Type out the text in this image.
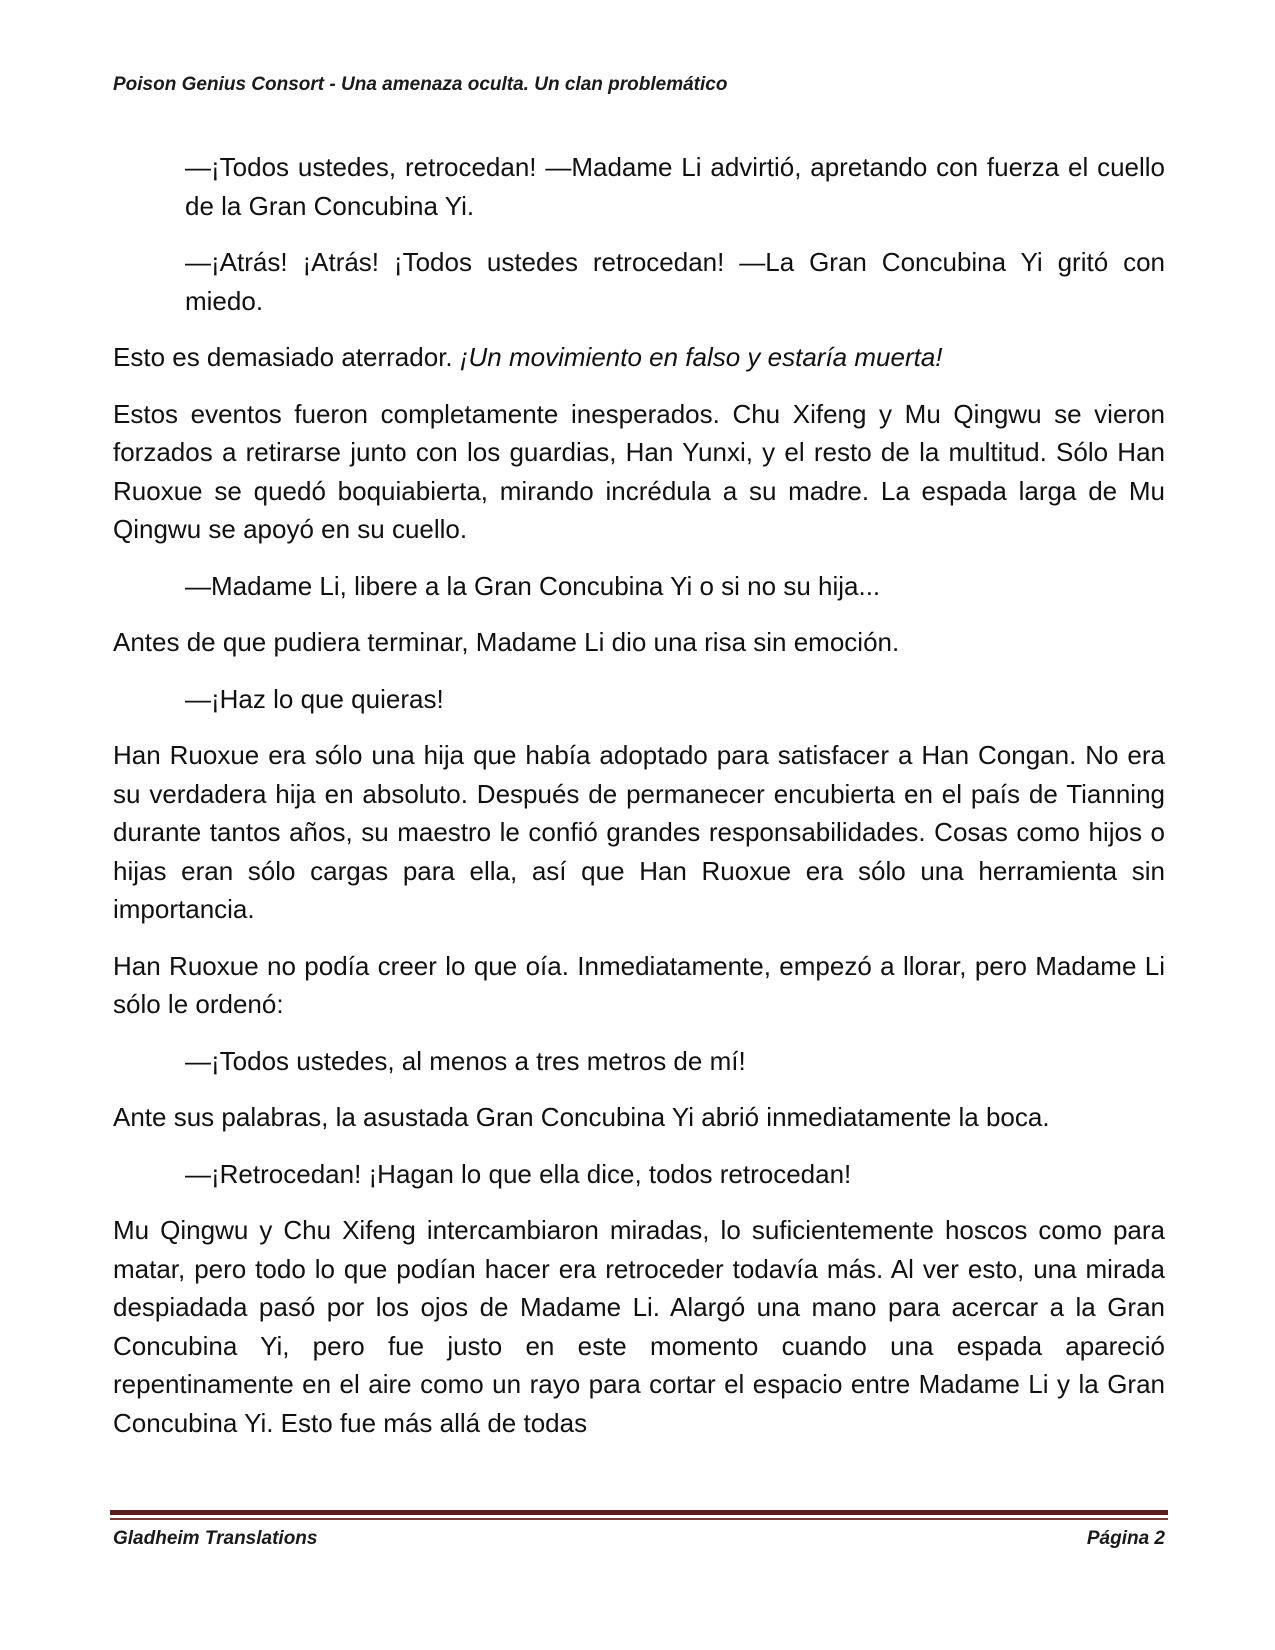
Poison Genius Consort - Una amenaza oculta. Un clan problemático

—¡Todos ustedes, retrocedan! —Madame Li advirtió, apretando con fuerza el cuello de la Gran Concubina Yi.

—¡Atrás! ¡Atrás! ¡Todos ustedes retrocedan! —La Gran Concubina Yi gritó con miedo.

Esto es demasiado aterrador. ¡Un movimiento en falso y estaría muerta!

Estos eventos fueron completamente inesperados. Chu Xifeng y Mu Qingwu se vieron forzados a retirarse junto con los guardias, Han Yunxi, y el resto de la multitud. Sólo Han Ruoxue se quedó boquiabierta, mirando incrédula a su madre. La espada larga de Mu Qingwu se apoyó en su cuello.

—Madame Li, libere a la Gran Concubina Yi o si no su hija...

Antes de que pudiera terminar, Madame Li dio una risa sin emoción.

—¡Haz lo que quieras!

Han Ruoxue era sólo una hija que había adoptado para satisfacer a Han Congan. No era su verdadera hija en absoluto. Después de permanecer encubierta en el país de Tianning durante tantos años, su maestro le confió grandes responsabilidades. Cosas como hijos o hijas eran sólo cargas para ella, así que Han Ruoxue era sólo una herramienta sin importancia.

Han Ruoxue no podía creer lo que oía. Inmediatamente, empezó a llorar, pero Madame Li sólo le ordenó:

—¡Todos ustedes, al menos a tres metros de mí!

Ante sus palabras, la asustada Gran Concubina Yi abrió inmediatamente la boca.

—¡Retrocedan! ¡Hagan lo que ella dice, todos retrocedan!

Mu Qingwu y Chu Xifeng intercambiaron miradas, lo suficientemente hoscos como para matar, pero todo lo que podían hacer era retroceder todavía más. Al ver esto, una mirada despiadada pasó por los ojos de Madame Li. Alargó una mano para acercar a la Gran Concubina Yi, pero fue justo en este momento cuando una espada apareció repentinamente en el aire como un rayo para cortar el espacio entre Madame Li y la Gran Concubina Yi. Esto fue más allá de todas

Gladheim Translations	Página 2
